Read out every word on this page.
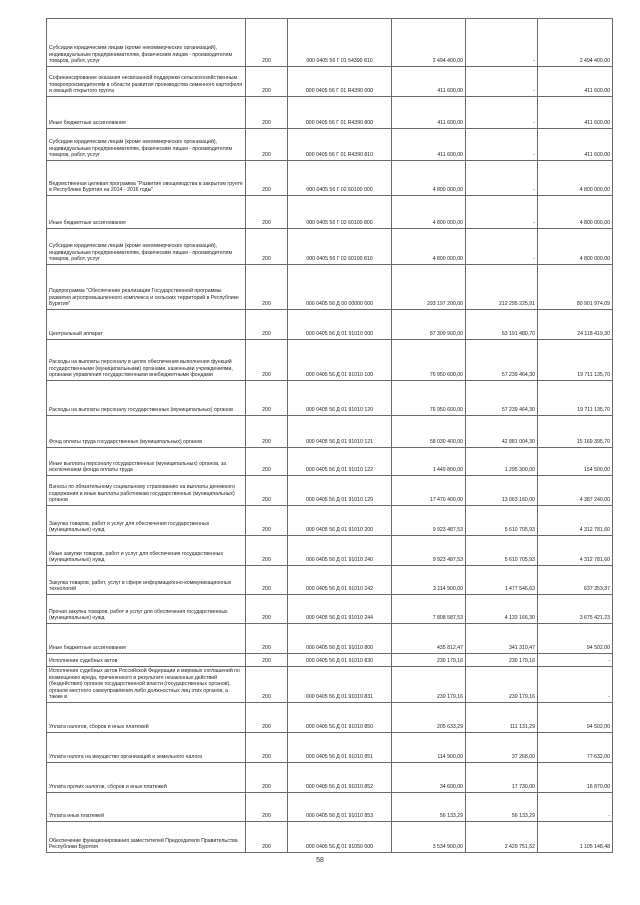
Субсидии юридическим лицам (кроме некоммерческих организаций), индивидуальным предпринимателям, физическим лицам - производителям товаров, работ, услуг	200	000 0405 56 Г 01 54390 810	2 494 400,00	-	2 494 400,00
Софинансирование оказания несвязанной поддержки сельскохозяйственным товаропроизводителям в области развития производства семенного картофеля и овощей открытого грунта	200	000 0405 56 Г 01 R4390 000	411 600,00	-	411 600,00
Иные бюджетные ассигнования	200	000 0405 56 Г 01 R4390 800	411 600,00	-	411 600,00
Субсидии юридическим лицам (кроме некоммерческих организаций), индивидуальным предпринимателям, физическим лицам - производителям товаров, работ, услуг	200	000 0405 56 Г 01 R4390 810	411 600,00	-	411 600,00
Ведомственная целевая программа "Развитие овощеводства в закрытом грунте в Республике Бурятия на 2014 - 2016 годы"	200	000 0405 56 Г 02 60100 000	4 800 000,00	-	4 800 000,00
Иные бюджетные ассигнования	200	000 0405 56 Г 02 60100 800	4 800 000,00	-	4 800 000,00
Субсидии юридическим лицам (кроме некоммерческих организаций), индивидуальным предпринимателям, физическим лицам - производителям товаров, работ, услуг	200	000 0405 56 Г 02 60100 810	4 800 000,00	-	4 800 000,00
Подпрограмма "Обеспечение реализации Государственной программы развития агропромышленного комплекса и сельских территорий в Республике Бурятия"	200	000 0405 56 Д 00 00000 000	293 197 200,00	212 295 225,91	80 901 974,09
Центральный аппарат	200	000 0405 56 Д 01 91010 000	87 309 900,00	63 191 480,70	24 118 419,30
Расходы на выплаты персоналу в целях обеспечения выполнения функций государственными (муниципальными) органами, казенными учреждениями, органами управления государственными внебюджетными фондами	200	000 0405 56 Д 01 91010 100	76 950 600,00	57 239 464,30	19 711 135,70
Расходы на выплаты персоналу государственных (муниципальных) органов	200	000 0405 56 Д 01 91010 120	76 950 600,00	57 239 464,30	19 711 135,70
Фонд оплаты труда государственных (муниципальных) органов	200	000 0405 56 Д 01 91010 121	58 030 400,00	42 881 004,30	15 169 395,70
Иные выплаты персоналу государственных (муниципальных) органов, за исключением фонда оплаты труда	200	000 0405 56 Д 01 91010 122	1 449 800,00	1 295 300,00	154 500,00
Взносы по обязательному социальному страхованию на выплаты денежного содержания и иные выплаты работникам государственных (муниципальных) органов	200	000 0405 56 Д 01 91010 129	17 470 400,00	13 063 160,00	4 387 240,00
Закупка товаров, работ и услуг для обеспечения государственных (муниципальных) нужд	200	000 0405 56 Д 01 91010 200	9 923 487,53	5 610 705,93	4 312 781,60
Иные закупки товаров, работ и услуг для обеспечения государственных (муниципальных) нужд	200	000 0405 56 Д 01 91010 240	9 923 487,53	5 610 705,93	4 312 781,60
Закупка товаров, работ, услуг в сфере информационно-коммуникационных технологий	200	000 0405 56 Д 01 91010 242	2 114 900,00	1 477 546,63	637 353,37
Прочая закупка товаров, работ и услуг для обеспечения государственных (муниципальных) нужд	200	000 0405 56 Д 01 91010 244	7 808 587,53	4 133 166,30	3 675 421,23
Иные бюджетные ассигнования	200	000 0405 56 Д 01 91010 800	435 812,47	341 310,47	94 502,00
Исполнение судебных актов	200	000 0405 56 Д 01 91010 830	230 179,16	230 179,16	-
Исполнение судебных актов Российской Федерации и мировых соглашений по возмещению вреда, причиненного в результате незаконных действий (бездействия) органов государственной власти (государственных органов), органов местного самоуправления либо должностных лиц этих органов, а также в	200	000 0405 56 Д 01 91010 831	230 179,16	230 179,16	-
Уплата налогов, сборов и иных платежей	200	000 0405 56 Д 01 91010 850	205 633,29	111 131,29	94 502,00
Уплата налога на имущество организаций и земельного налога	200	000 0405 56 Д 01 91010 851	114 900,00	37 268,00	77 632,00
Уплата прочих налогов, сборов и иных платежей	200	000 0405 56 Д 01 91010 852	34 600,00	17 730,00	16 870,00
Уплата иных платежей	200	000 0405 56 Д 01 91010 853	56 133,29	56 133,29	-
Обеспечение функционирования заместителей Председателя Правительства Республики Бурятия	200	000 0405 56 Д 01 91050 000	3 534 900,00	2 429 751,52	1 105 148,48
58
